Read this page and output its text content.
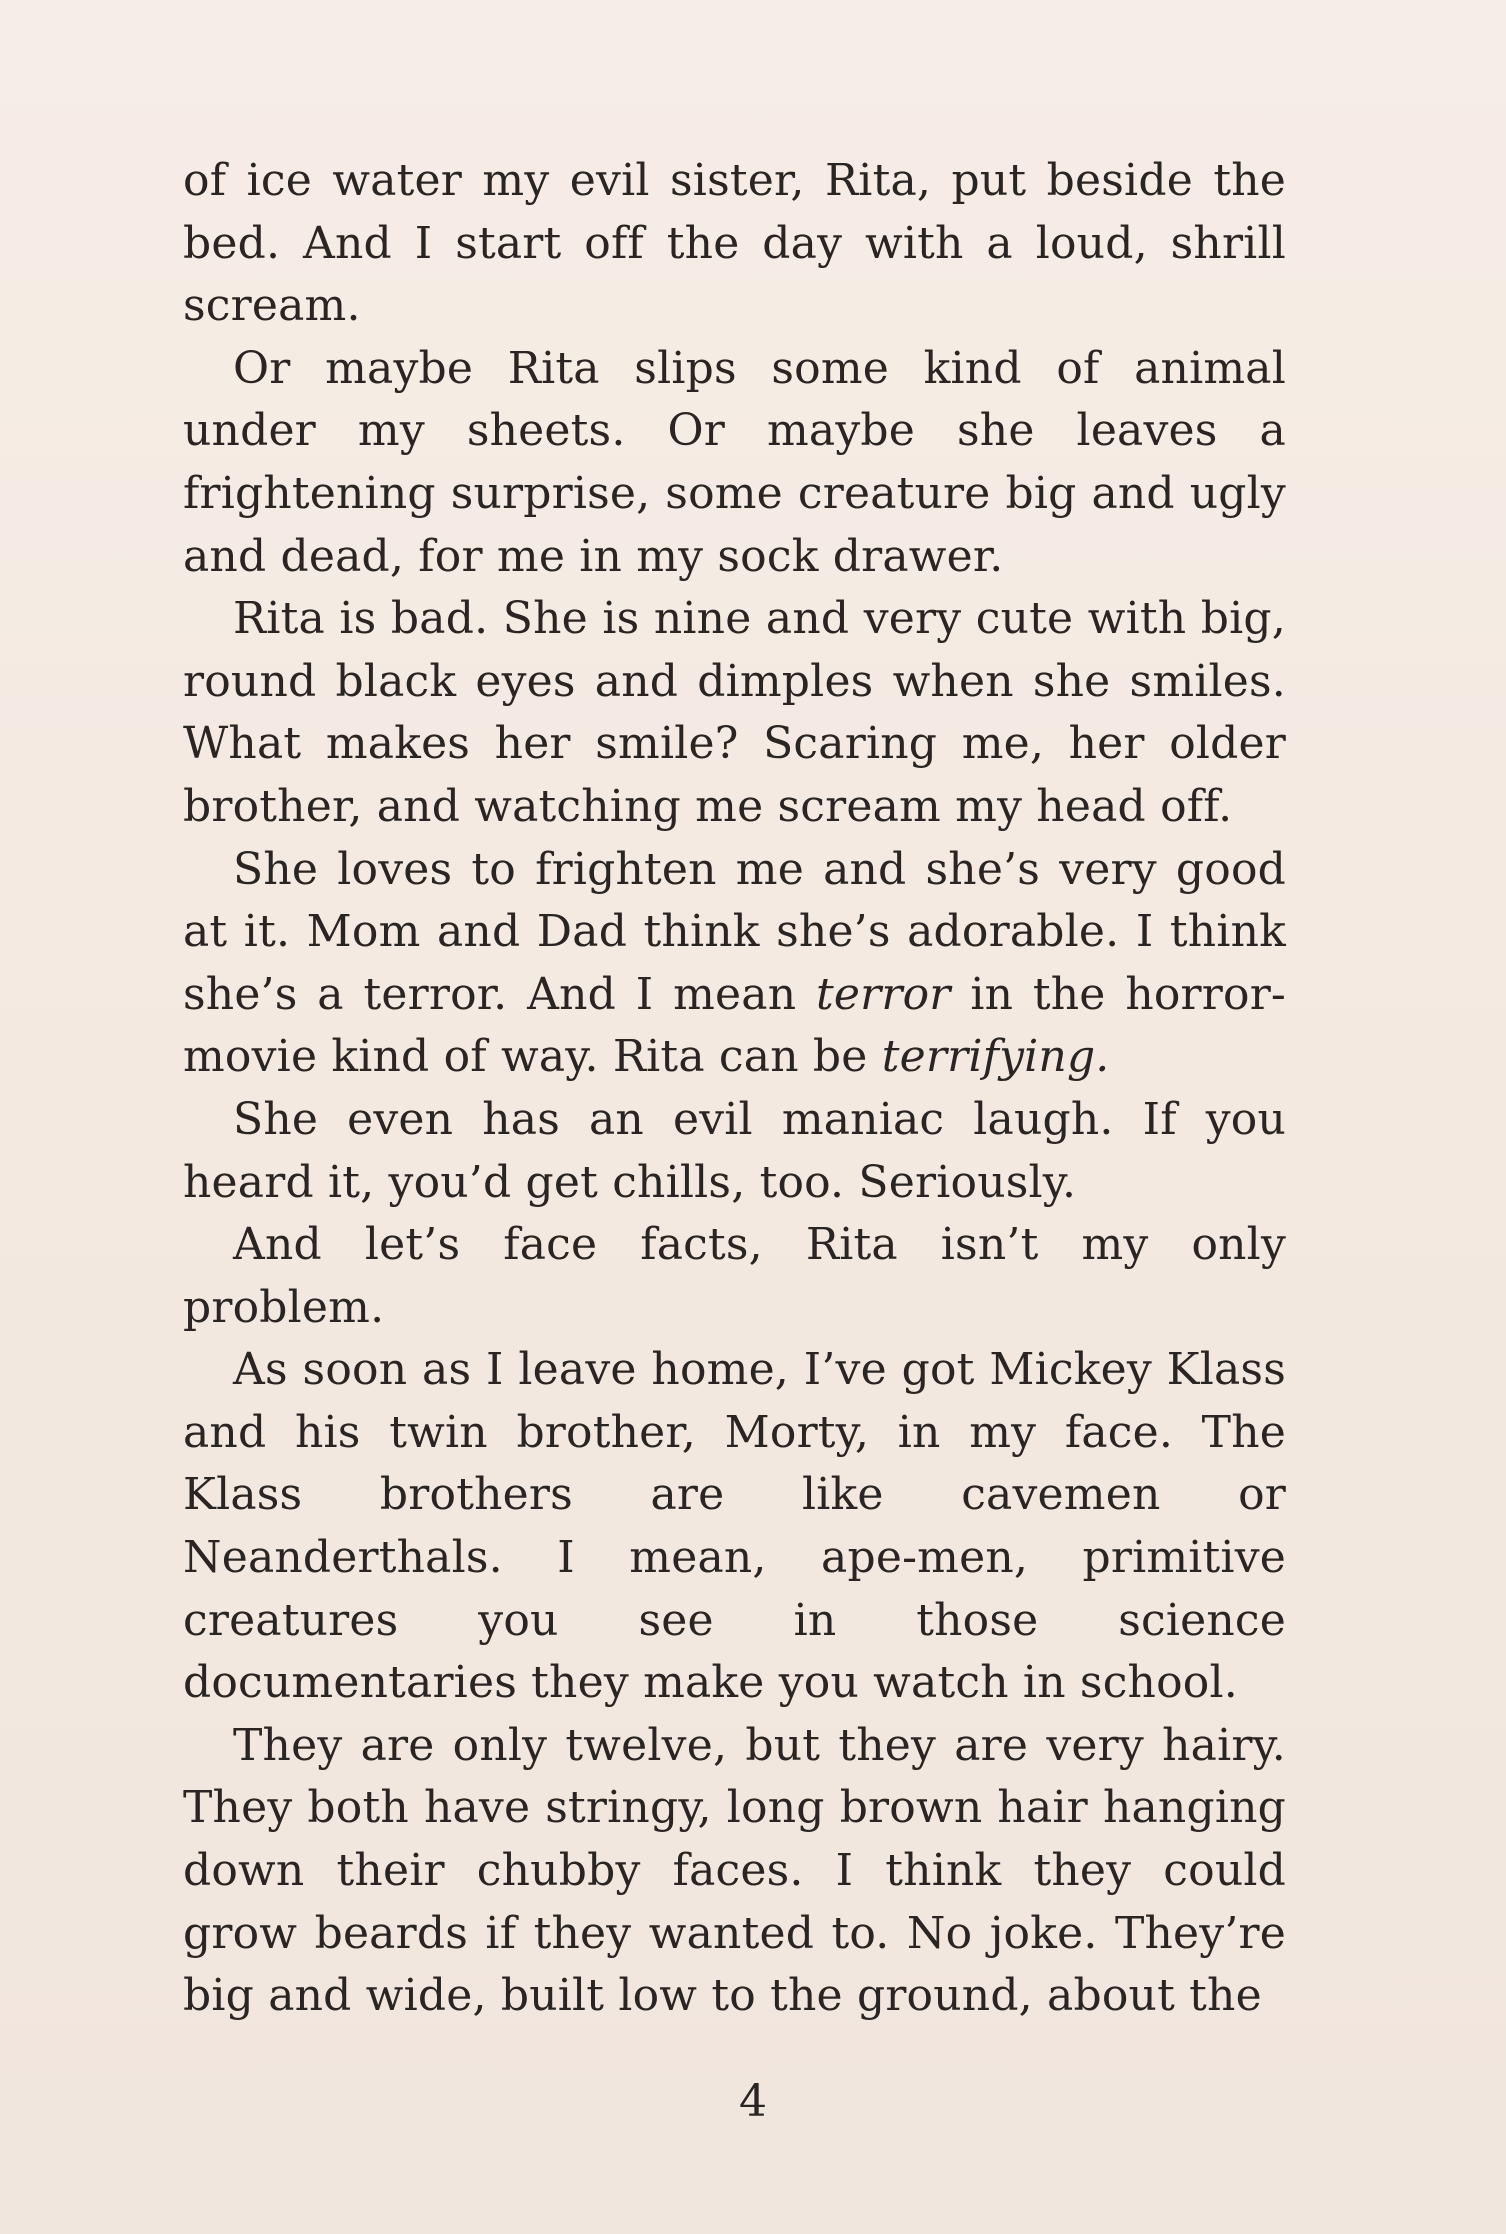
of ice water my evil sister, Rita, put beside the bed. And I start off the day with a loud, shrill scream.

Or maybe Rita slips some kind of animal under my sheets. Or maybe she leaves a frightening surprise, some creature big and ugly and dead, for me in my sock drawer.

Rita is bad. She is nine and very cute with big, round black eyes and dimples when she smiles. What makes her smile? Scaring me, her older brother, and watching me scream my head off.

She loves to frighten me and she’s very good at it. Mom and Dad think she’s adorable. I think she’s a terror. And I mean terror in the horror-movie kind of way. Rita can be terrifying.

She even has an evil maniac laugh. If you heard it, you’d get chills, too. Seriously.

And let’s face facts, Rita isn’t my only problem.

As soon as I leave home, I’ve got Mickey Klass and his twin brother, Morty, in my face. The Klass brothers are like cavemen or Neanderthals. I mean, ape-men, primitive creatures you see in those science documentaries they make you watch in school.

They are only twelve, but they are very hairy. They both have stringy, long brown hair hanging down their chubby faces. I think they could grow beards if they wanted to. No joke. They’re big and wide, built low to the ground, about the

4
